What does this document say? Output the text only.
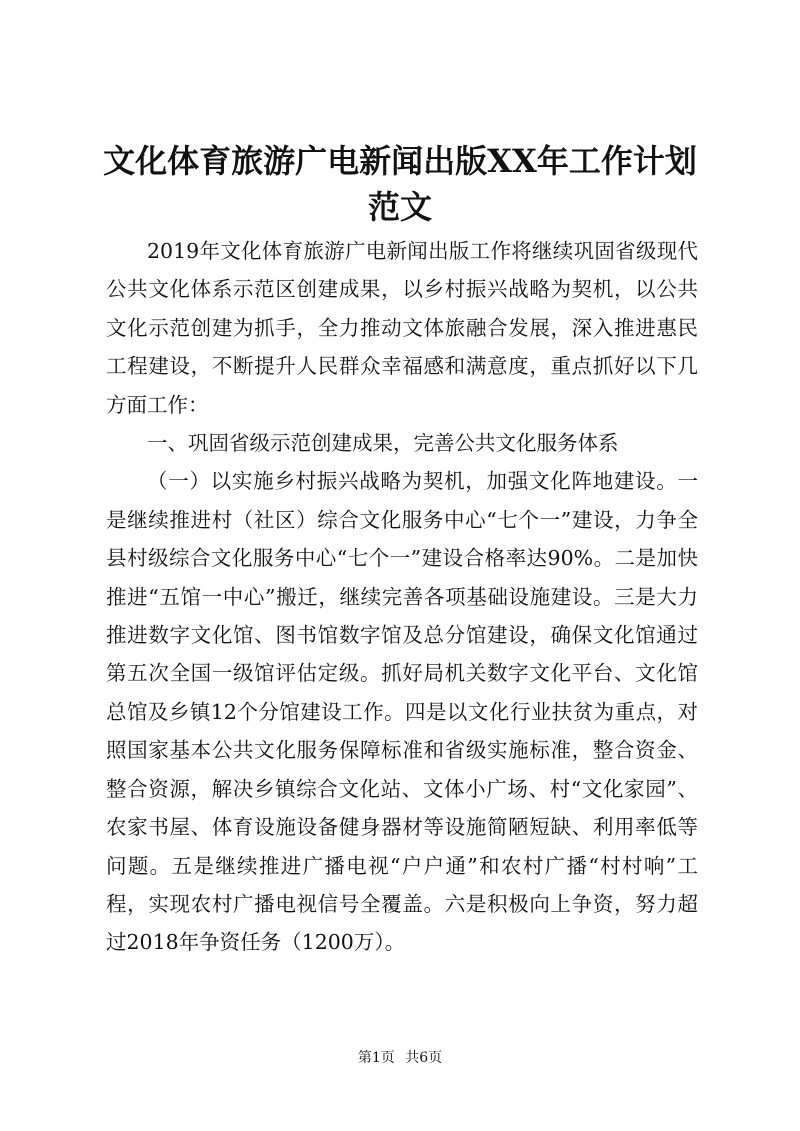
文化体育旅游广电新闻出版XX年工作计划范文

2019年文化体育旅游广电新闻出版工作将继续巩固省级现代公共文化体系示范区创建成果，以乡村振兴战略为契机，以公共文化示范创建为抓手，全力推动文体旅融合发展，深入推进惠民工程建设，不断提升人民群众幸福感和满意度，重点抓好以下几方面工作：

一、巩固省级示范创建成果，完善公共文化服务体系

（一）以实施乡村振兴战略为契机，加强文化阵地建设。一是继续推进村（社区）综合文化服务中心“七个一”建设，力争全县村级综合文化服务中心“七个一”建设合格率达90%。二是加快推进“五馆一中心”搬迁，继续完善各项基础设施建设。三是大力推进数字文化馆、图书馆数字馆及总分馆建设，确保文化馆通过第五次全国一级馆评估定级。抓好局机关数字文化平台、文化馆总馆及乡镇12个分馆建设工作。四是以文化行业扶贫为重点，对照国家基本公共文化服务保障标准和省级实施标准，整合资金、整合资源，解决乡镇综合文化站、文体小广场、村“文化家园”、农家书屋、体育设施设备健身器材等设施简陋短缺、利用率低等问题。五是继续推进广播电视“户户通”和农村广播“村村响”工程，实现农村广播电视信号全覆盖。六是积极向上争资，努力超过2018年争资任务（1200万）。

第1页 共6页
